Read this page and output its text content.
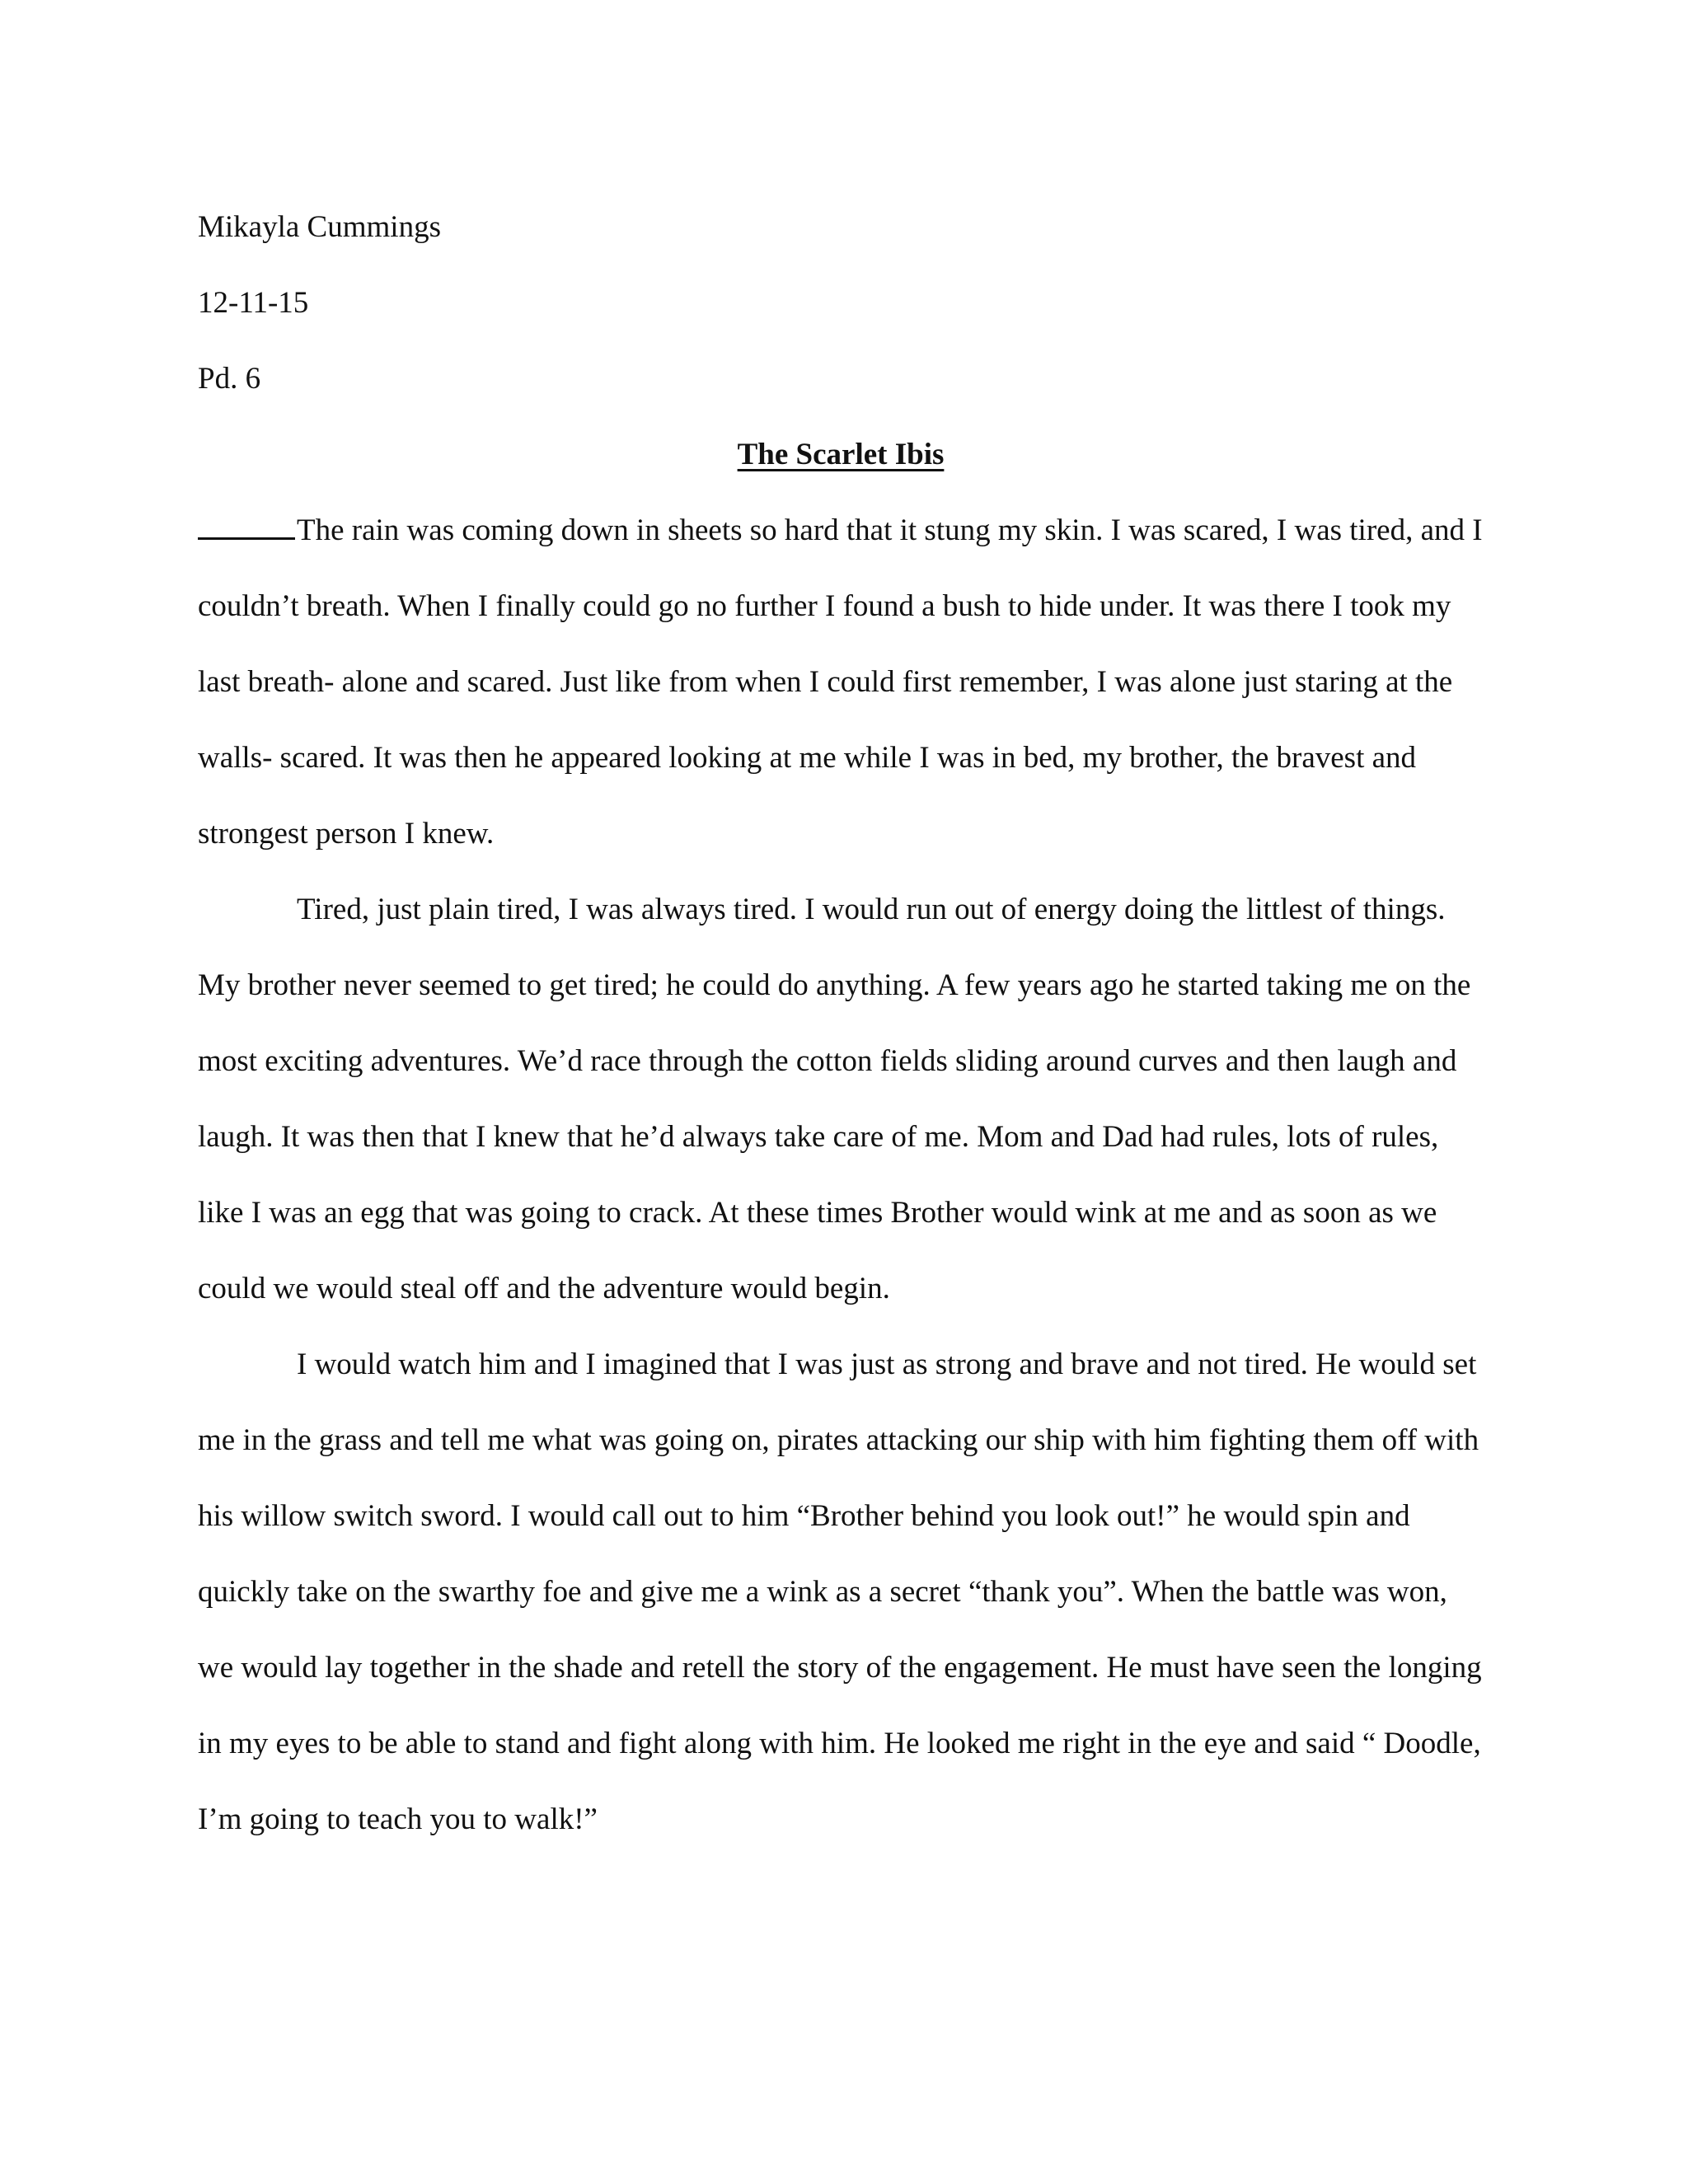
Mikayla Cummings

12-11-15

Pd. 6

The Scarlet Ibis

The rain was coming down in sheets so hard that it stung my skin. I was scared, I was tired, and I couldn’t breath. When I finally could go no further I found a bush to hide under. It was there I took my last breath- alone and scared. Just like from when I could first remember, I was alone just staring at the walls- scared. It was then he appeared looking at me while I was in bed, my brother, the bravest and strongest person I knew.

Tired, just plain tired, I was always tired. I would run out of energy doing the littlest of things. My brother never seemed to get tired; he could do anything. A few years ago he started taking me on the most exciting adventures. We’d race through the cotton fields sliding around curves and then laugh and laugh. It was then that I knew that he’d always take care of me. Mom and Dad had rules, lots of rules, like I was an egg that was going to crack. At these times Brother would wink at me and as soon as we could we would steal off and the adventure would begin.

I would watch him and I imagined that I was just as strong and brave and not tired. He would set me in the grass and tell me what was going on, pirates attacking our ship with him fighting them off with his willow switch sword. I would call out to him “Brother behind you look out!” he would spin and quickly take on the swarthy foe and give me a wink as a secret “thank you”. When the battle was won, we would lay together in the shade and retell the story of the engagement. He must have seen the longing in my eyes to be able to stand and fight along with him. He looked me right in the eye and said “ Doodle, I’m going to teach you to walk!”
